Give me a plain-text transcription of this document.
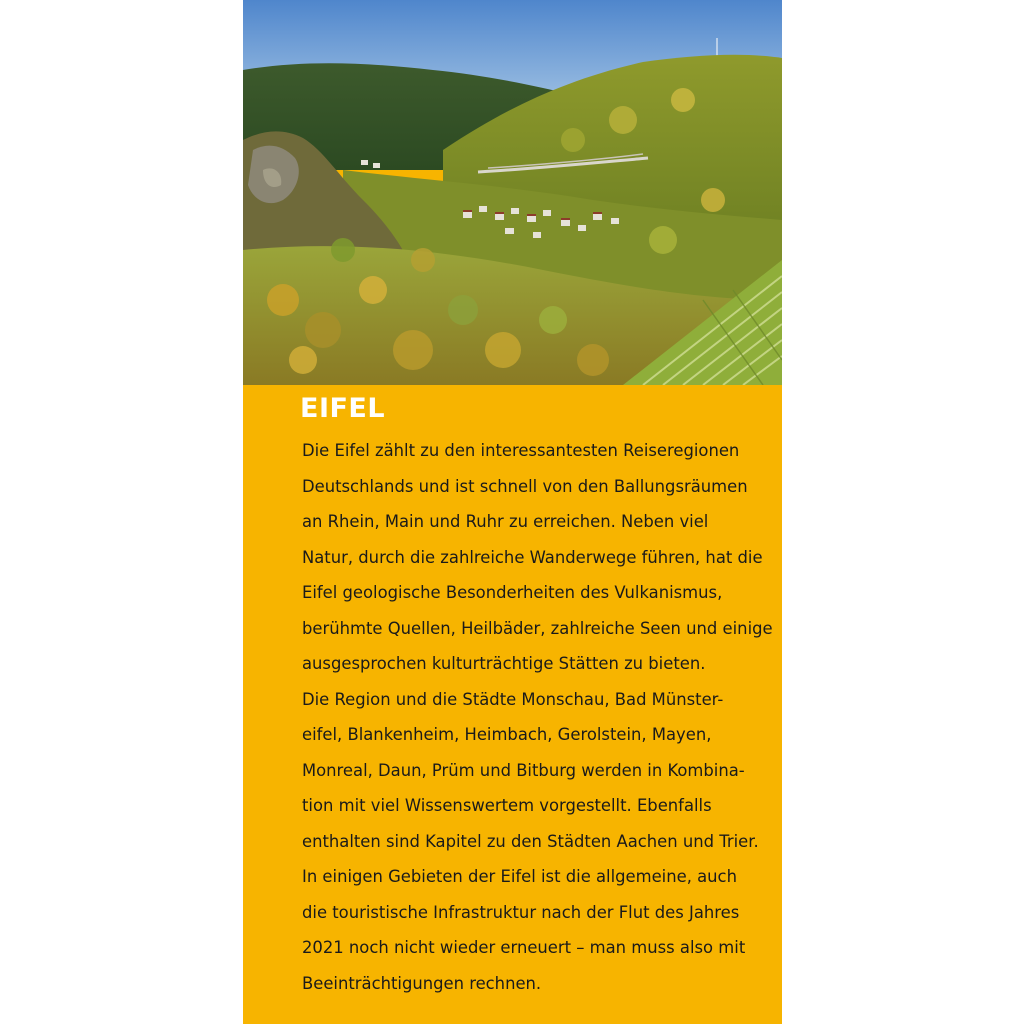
EIFEL
Die Eifel zählt zu den interessantesten Reiseregionen
Deutschlands und ist schnell von den Ballungsräumen
an Rhein, Main und Ruhr zu erreichen. Neben viel
Natur, durch die zahlreiche Wanderwege führen, hat die
Eifel geologische Besonderheiten des Vulkanismus,
berühmte Quellen, Heilbäder, zahlreiche Seen und einige
ausgesprochen kulturträchtige Stätten zu bieten.
Die Region und die Städte Monschau, Bad Münster-
eifel, Blankenheim, Heimbach, Gerolstein, Mayen,
Monreal, Daun, Prüm und Bitburg werden in Kombina-
tion mit viel Wissenswertem vorgestellt. Ebenfalls
enthalten sind Kapitel zu den Städten Aachen und Trier.
In einigen Gebieten der Eifel ist die allgemeine, auch
die touristische Infrastruktur nach der Flut des Jahres
2021 noch nicht wieder erneuert – man muss also mit
Beeinträchtigungen rechnen.
